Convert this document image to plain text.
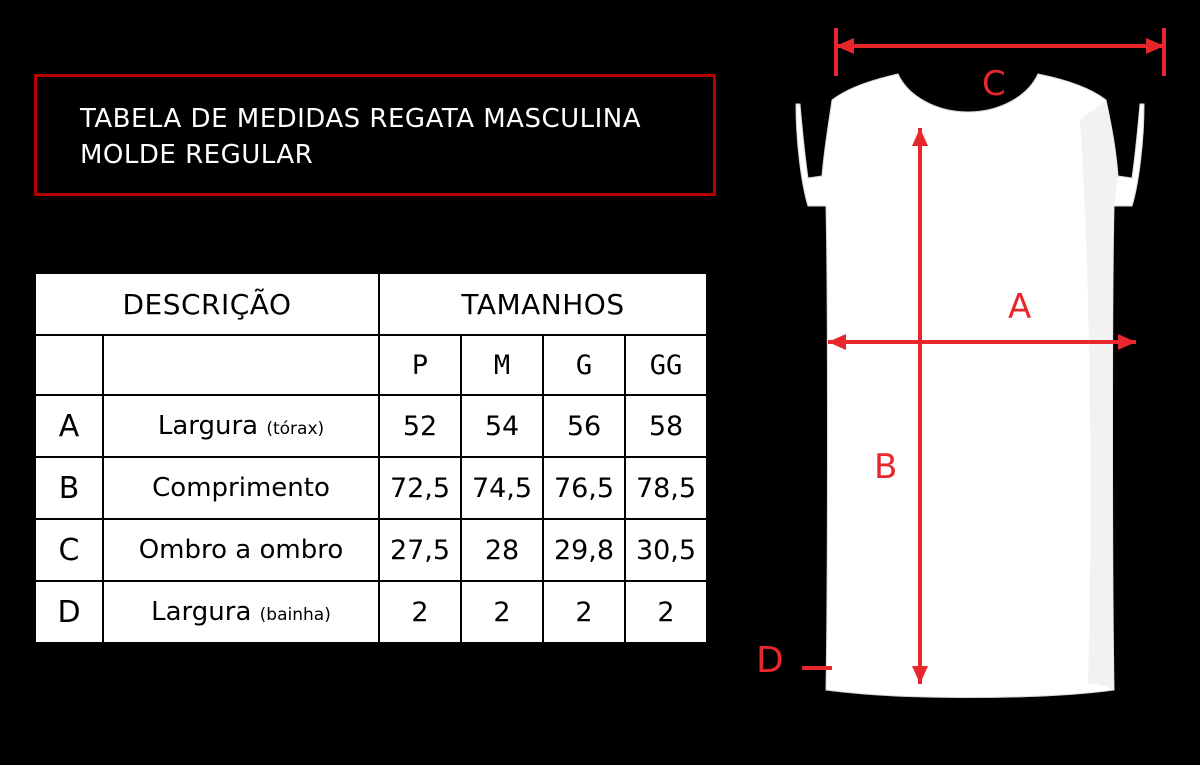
TABELA DE MEDIDAS REGATA MASCULINA
MOLDE REGULAR
DESCRIÇÃO		TAMANHOS			
		P	M	G	GG
A	Largura (tórax)	52	54	56	58
B	Comprimento	72,5	74,5	76,5	78,5
C	Ombro a ombro	27,5	28	29,8	30,5
D	Largura (bainha)	2	2	2	2
C
A
B
D
